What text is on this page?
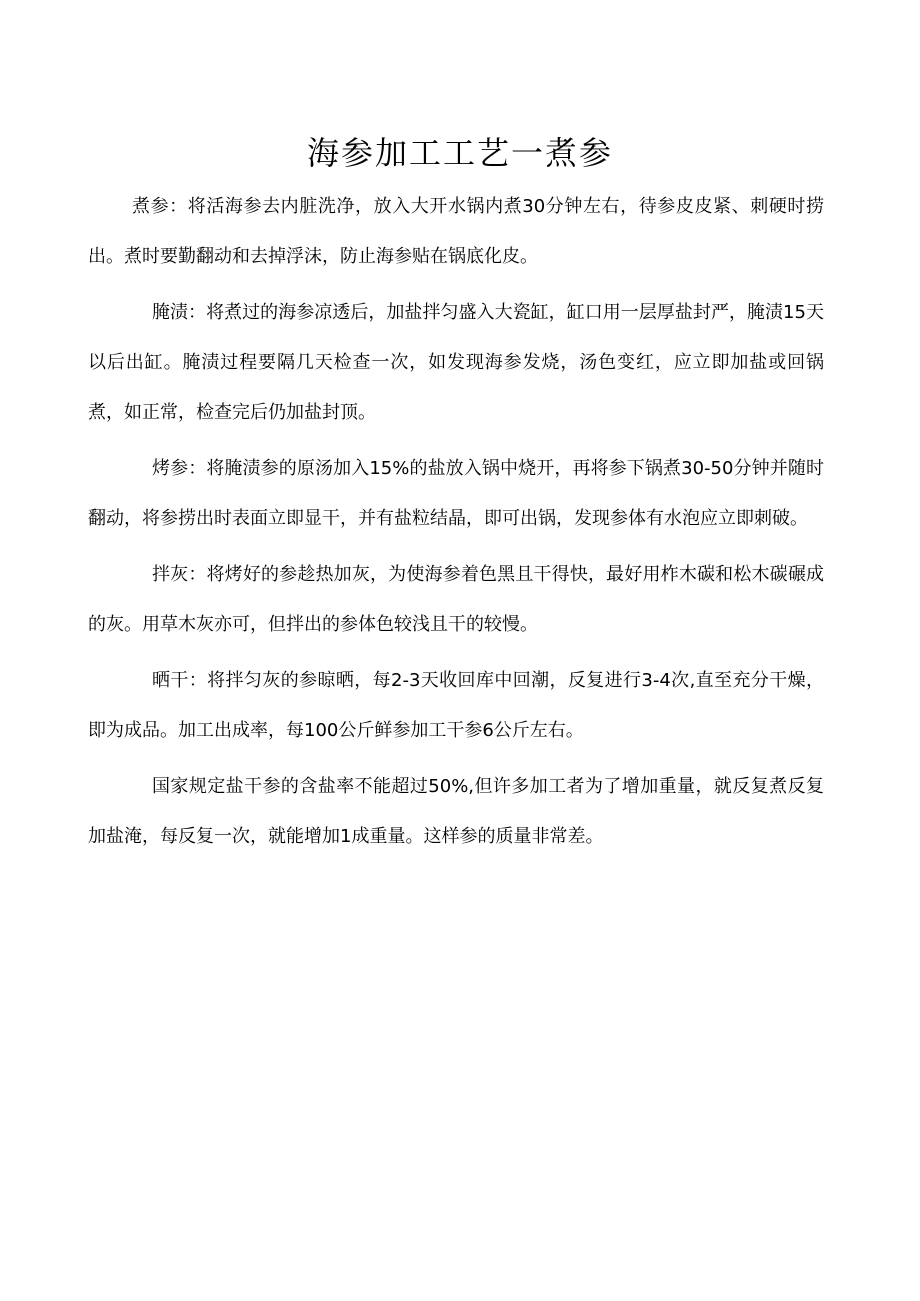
海参加工工艺一煮参

煮参：将活海参去内脏洗净，放入大开水锅内煮30分钟左右，待参皮皮紧、刺硬时捞出。煮时要勤翻动和去掉浮沫，防止海参贴在锅底化皮。

腌渍：将煮过的海参凉透后，加盐拌匀盛入大瓷缸，缸口用一层厚盐封严，腌渍15天以后出缸。腌渍过程要隔几天检查一次，如发现海参发烧，汤色变红，应立即加盐或回锅煮，如正常，检查完后仍加盐封顶。

烤参：将腌渍参的原汤加入15%的盐放入锅中烧开，再将参下锅煮30-50分钟并随时翻动，将参捞出时表面立即显干，并有盐粒结晶，即可出锅，发现参体有水泡应立即刺破。

拌灰：将烤好的参趁热加灰，为使海参着色黑且干得快，最好用柞木碳和松木碳碾成的灰。用草木灰亦可，但拌出的参体色较浅且干的较慢。

晒干：将拌匀灰的参晾晒，每2-3天收回库中回潮，反复进行3-4次,直至充分干燥，即为成品。加工出成率，每100公斤鲜参加工干参6公斤左右。

国家规定盐干参的含盐率不能超过50%,但许多加工者为了增加重量，就反复煮反复加盐淹，每反复一次，就能增加1成重量。这样参的质量非常差。
